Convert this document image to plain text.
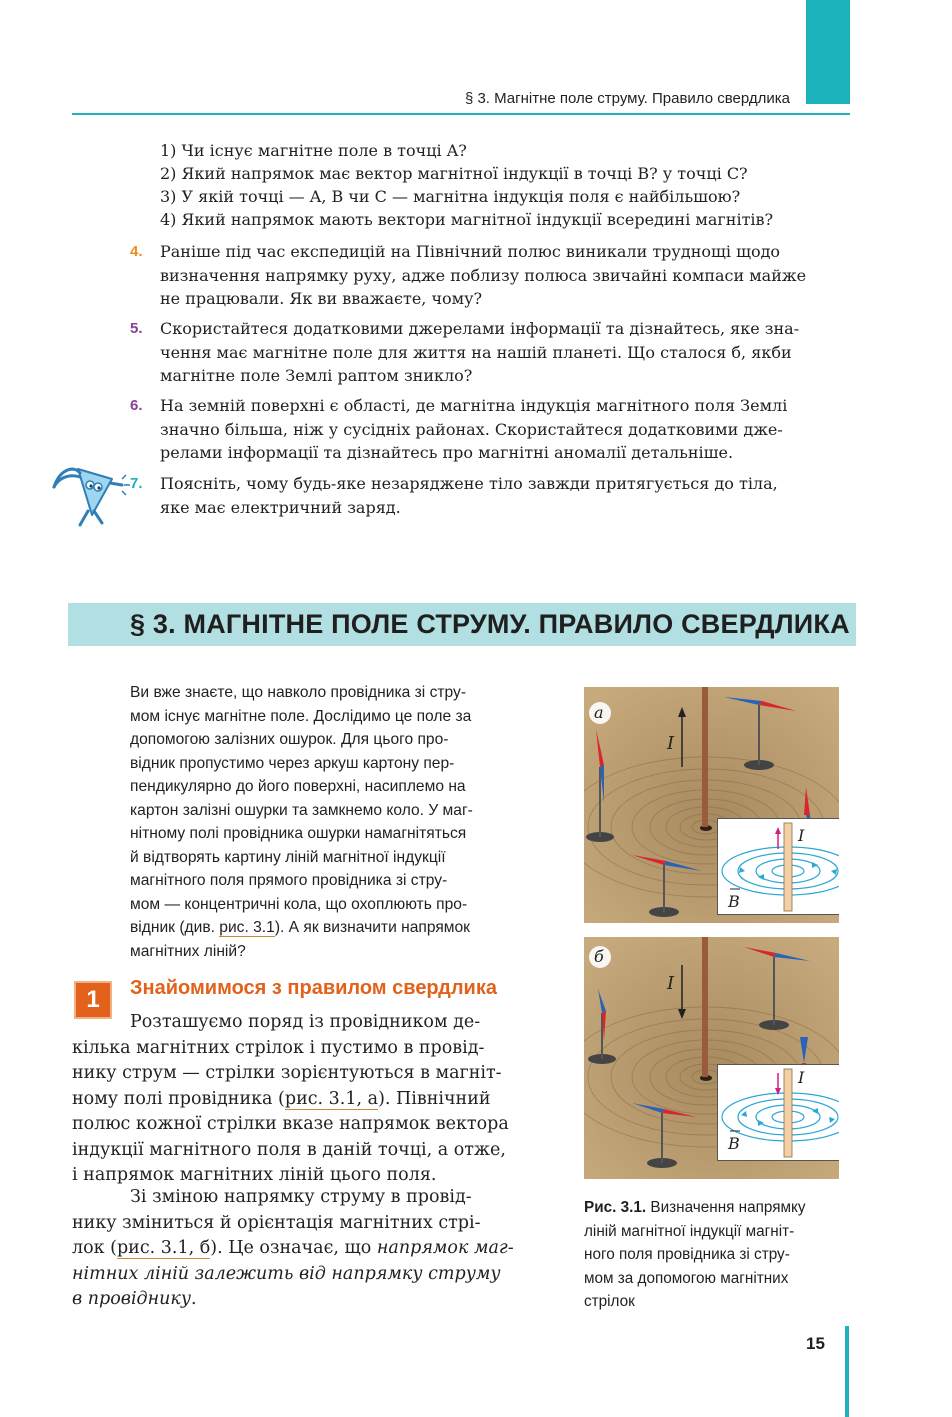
§ 3. Магнітне поле струму. Правило свердлика
1) Чи існує магнітне поле в точці A?
2) Який напрямок має вектор магнітної індукції в точці B? у точці C?
3) У якій точці — A, B чи C — магнітна індукція поля є найбільшою?
4) Який напрямок мають вектори магнітної індукції всередині магнітів?
4. Раніше під час експедицій на Північний полюс виникали труднощі щодо
визначення напрямку руху, адже поблизу полюса звичайні компаси майже
не працювали. Як ви вважаєте, чому?
5. Скористайтеся додатковими джерелами інформації та дізнайтесь, яке зна-
чення має магнітне поле для життя на нашій планеті. Що сталося б, якби
магнітне поле Землі раптом зникло?
6. На земній поверхні є області, де магнітна індукція магнітного поля Землі
значно більша, ніж у сусідніх районах. Скористайтеся додатковими дже-
релами інформації та дізнайтесь про магнітні аномалії детальніше.
7. Поясніть, чому будь-яке незаряджене тіло завжди притягується до тіла,
яке має електричний заряд.
§ 3. МАГНІТНЕ ПОЛЕ СТРУМУ. ПРАВИЛО СВЕРДЛИКА
Ви вже знаєте, що навколо провідника зі стру-
мом існує магнітне поле. Дослідимо це поле за
допомогою залізних ошурок. Для цього про-
відник пропустимо через аркуш картону пер-
пендикулярно до його поверхні, насиплемо на
картон залізні ошурки та замкнемо коло. У маг-
нітному полі провідника ошурки намагнітяться
й відтворять картину ліній магнітної індукції
магнітного поля прямого провідника зі стру-
мом — концентричні кола, що охоплюють про-
відник (див. рис. 3.1). А як визначити напрямок
магнітних ліній?
1	Знайомимося з правилом свердлика
Розташуємо поряд із провідником де-
кілька магнітних стрілок і пустимо в провід-
нику струм — стрілки зорієнтуються в магніт-
ному полі провідника (рис. 3.1, а). Північний
полюс кожної стрілки вказе напрямок вектора
індукції магнітного поля в даній точці, а отже,
і напрямок магнітних ліній цього поля.
Зі зміною напрямку струму в провід-
нику зміниться й орієнтація магнітних стрі-
лок (рис. 3.1, б). Це означає, що напрямок маг-
нітних ліній залежить від напрямку струму
в провіднику.
I
а
I
B
I
б
I
B
Рис. 3.1. Визначення напрямку
ліній магнітної індукції магніт-
ного поля провідника зі стру-
мом за допомогою магнітних
стрілок
15
